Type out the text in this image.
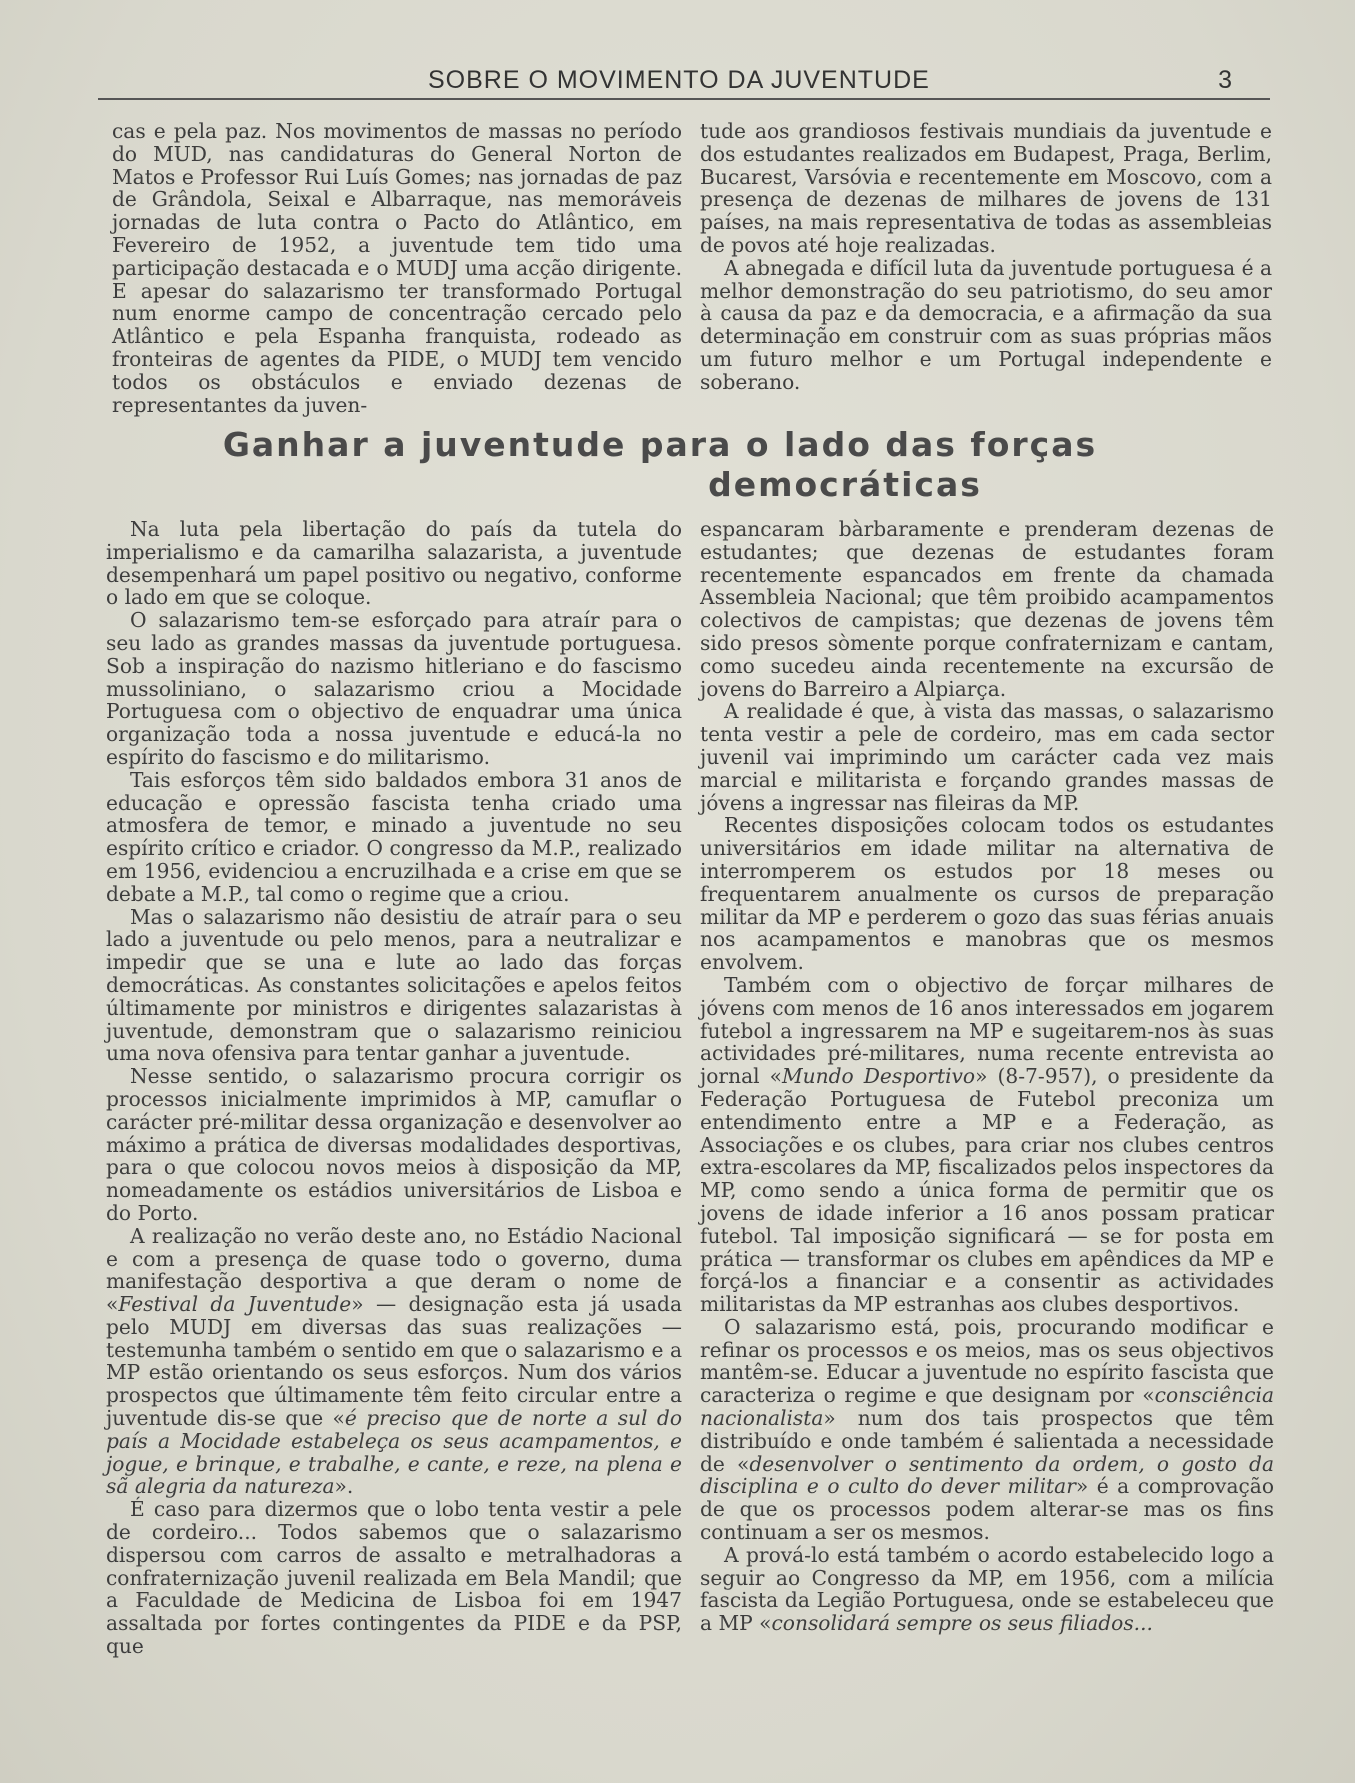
SOBRE O MOVIMENTO DA JUVENTUDE	3

cas e pela paz. Nos movimentos de massas no período do MUD, nas candidaturas do General Norton de Matos e Professor Rui Luís Gomes; nas jornadas de paz de Grândola, Seixal e Albarraque, nas memoráveis jornadas de luta contra o Pacto do Atlântico, em Fevereiro de 1952, a juventude tem tido uma participação destacada e o MUDJ uma acção dirigente. E apesar do salazarismo ter transformado Portugal num enorme campo de concentração cercado pelo Atlântico e pela Espanha franquista, rodeado as fronteiras de agentes da PIDE, o MUDJ tem vencido todos os obstáculos e enviado dezenas de representantes da juven-

tude aos grandiosos festivais mundiais da juventude e dos estudantes realizados em Budapest, Praga, Berlim, Bucarest, Varsóvia e recentemente em Moscovo, com a presença de dezenas de milhares de jovens de 131 países, na mais representativa de todas as assembleias de povos até hoje realizadas.

A abnegada e difícil luta da juventude portuguesa é a melhor demonstração do seu patriotismo, do seu amor à causa da paz e da democracia, e a afirmação da sua determinação em construir com as suas próprias mãos um futuro melhor e um Portugal independente e soberano.

Ganhar a juventude para o lado das forças
democráticas

Na luta pela libertação do país da tutela do imperialismo e da camarilha salazarista, a juventude desempenhará um papel positivo ou negativo, conforme o lado em que se coloque.

O salazarismo tem-se esforçado para atraír para o seu lado as grandes massas da juventude portuguesa. Sob a inspiração do nazismo hitleriano e do fascismo mussoliniano, o salazarismo criou a Mocidade Portuguesa com o objectivo de enquadrar uma única organização toda a nossa juventude e educá-la no espírito do fascismo e do militarismo.

Tais esforços têm sido baldados embora 31 anos de educação e opressão fascista tenha criado uma atmosfera de temor, e minado a juventude no seu espírito crítico e criador. O congresso da M.P., realizado em 1956, evidenciou a encruzilhada e a crise em que se debate a M.P., tal como o regime que a criou.

Mas o salazarismo não desistiu de atraír para o seu lado a juventude ou pelo menos, para a neutralizar e impedir que se una e lute ao lado das forças democráticas. As constantes solicitações e apelos feitos últimamente por ministros e dirigentes salazaristas à juventude, demonstram que o salazarismo reiniciou uma nova ofensiva para tentar ganhar a juventude.

Nesse sentido, o salazarismo procura corrigir os processos inicialmente imprimidos à MP, camuflar o carácter pré-militar dessa organização e desenvolver ao máximo a prática de diversas modalidades desportivas, para o que colocou novos meios à disposição da MP, nomeadamente os estádios universitários de Lisboa e do Porto.

A realização no verão deste ano, no Estádio Nacional e com a presença de quase todo o governo, duma manifestação desportiva a que deram o nome de «Festival da Juventude» — designação esta já usada pelo MUDJ em diversas das suas realizações — testemunha também o sentido em que o salazarismo e a MP estão orientando os seus esforços. Num dos vários prospectos que últimamente têm feito circular entre a juventude dis-se que «é preciso que de norte a sul do país a Mocidade estabeleça os seus acampamentos, e jogue, e brinque, e trabalhe, e cante, e reze, na plena e sã alegria da natureza».

É caso para dizermos que o lobo tenta vestir a pele de cordeiro... Todos sabemos que o salazarismo dispersou com carros de assalto e metralhadoras a confraternização juvenil realizada em Bela Mandil; que a Faculdade de Medicina de Lisboa foi em 1947 assaltada por fortes contingentes da PIDE e da PSP, que

espancaram bàrbaramente e prenderam dezenas de estudantes; que dezenas de estudantes foram recentemente espancados em frente da chamada Assembleia Nacional; que têm proibido acampamentos colectivos de campistas; que dezenas de jovens têm sido presos sòmente porque confraternizam e cantam, como sucedeu ainda recentemente na excursão de jovens do Barreiro a Alpiarça.

A realidade é que, à vista das massas, o salazarismo tenta vestir a pele de cordeiro, mas em cada sector juvenil vai imprimindo um carácter cada vez mais marcial e militarista e forçando grandes massas de jóvens a ingressar nas fileiras da MP.

Recentes disposições colocam todos os estudantes universitários em idade militar na alternativa de interromperem os estudos por 18 meses ou frequentarem anualmente os cursos de preparação militar da MP e perderem o gozo das suas férias anuais nos acampamentos e manobras que os mesmos envolvem.

Também com o objectivo de forçar milhares de jóvens com menos de 16 anos interessados em jogarem futebol a ingressarem na MP e sugeitarem-nos às suas actividades pré-militares, numa recente entrevista ao jornal «Mundo Desportivo» (8-7-957), o presidente da Federação Portuguesa de Futebol preconiza um entendimento entre a MP e a Federação, as Associações e os clubes, para criar nos clubes centros extra-escolares da MP, fiscalizados pelos inspectores da MP, como sendo a única forma de permitir que os jovens de idade inferior a 16 anos possam praticar futebol. Tal imposição significará — se for posta em prática — transformar os clubes em apêndices da MP e forçá-los a financiar e a consentir as actividades militaristas da MP estranhas aos clubes desportivos.

O salazarismo está, pois, procurando modificar e refinar os processos e os meios, mas os seus objectivos mantêm-se. Educar a juventude no espírito fascista que caracteriza o regime e que designam por «consciência nacionalista» num dos tais prospectos que têm distribuído e onde também é salientada a necessidade de «desenvolver o sentimento da ordem, o gosto da disciplina e o culto do dever militar» é a comprovação de que os processos podem alterar-se mas os fins continuam a ser os mesmos.

A prová-lo está também o acordo estabelecido logo a seguir ao Congresso da MP, em 1956, com a milícia fascista da Legião Portuguesa, onde se estabeleceu que a MP «consolidará sempre os seus filiados...
